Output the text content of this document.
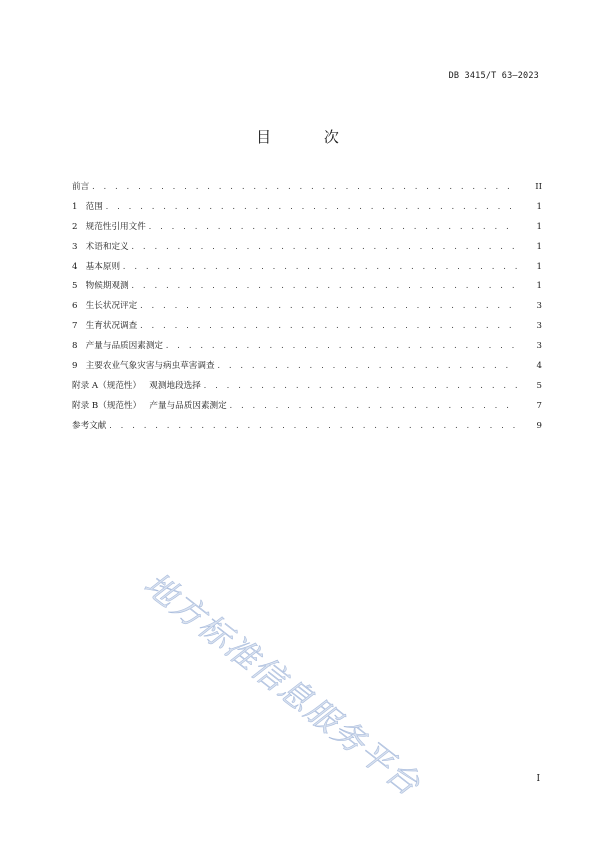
DB 3415/T 63—2023
目 次
前言 . . .	II
1   范围 . . .	1
2   规范性引用文件 . . .	1
3   术语和定义 . . .	1
4   基本原则 . . .	1
5   物候期观测 . . .	1
6   生长状况评定 . . .	3
7   生育状况调查 . . .	3
8   产量与品质因素测定 . . .	3
9   主要农业气象灾害与病虫草害调查 . . .	4
附录 A（规范性）   观测地段选择 . . .	5
附录 B（规范性）   产量与品质因素测定 . . .	7
参考文献 . . .	9
地方标准信息服务平台	I
